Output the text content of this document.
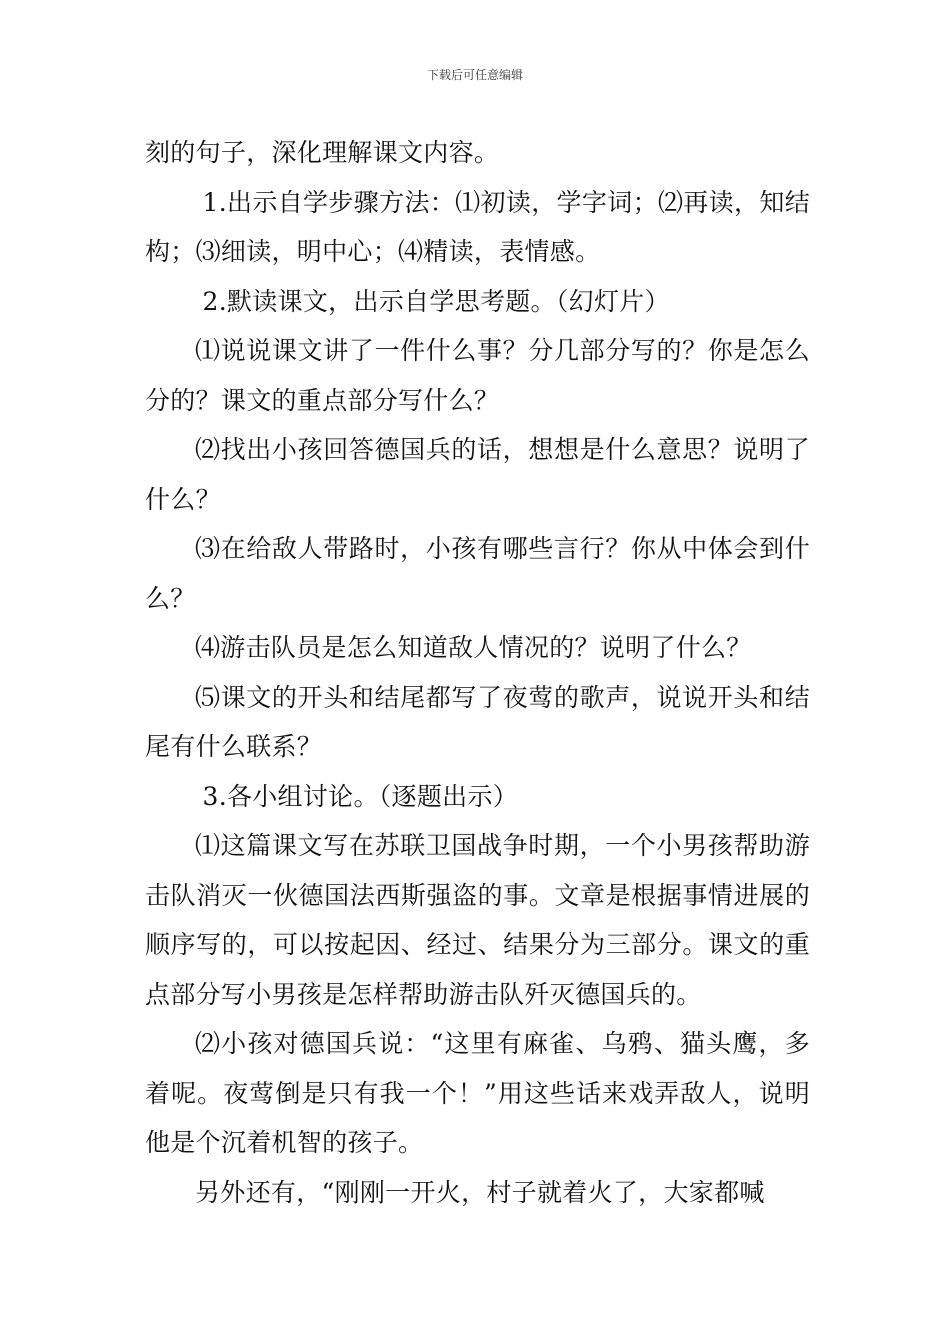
下载后可任意编辑

刻的句子，深化理解课文内容。

1.出示自学步骤方法：⑴初读，学字词；⑵再读，知结构；⑶细读，明中心；⑷精读，表情感。

2.默读课文，出示自学思考题。（幻灯片）

⑴说说课文讲了一件什么事？分几部分写的？你是怎么分的？课文的重点部分写什么？

⑵找出小孩回答德国兵的话，想想是什么意思？说明了什么？

⑶在给敌人带路时，小孩有哪些言行？你从中体会到什么？

⑷游击队员是怎么知道敌人情况的？说明了什么？

⑸课文的开头和结尾都写了夜莺的歌声，说说开头和结尾有什么联系？

3.各小组讨论。（逐题出示）

⑴这篇课文写在苏联卫国战争时期，一个小男孩帮助游击队消灭一伙德国法西斯强盗的事。文章是根据事情进展的顺序写的，可以按起因、经过、结果分为三部分。课文的重点部分写小男孩是怎样帮助游击队歼灭德国兵的。

⑵小孩对德国兵说：“这里有麻雀、乌鸦、猫头鹰，多着呢。夜莺倒是只有我一个！”用这些话来戏弄敌人，说明他是个沉着机智的孩子。

另外还有，“刚刚一开火，村子就着火了，大家都喊
